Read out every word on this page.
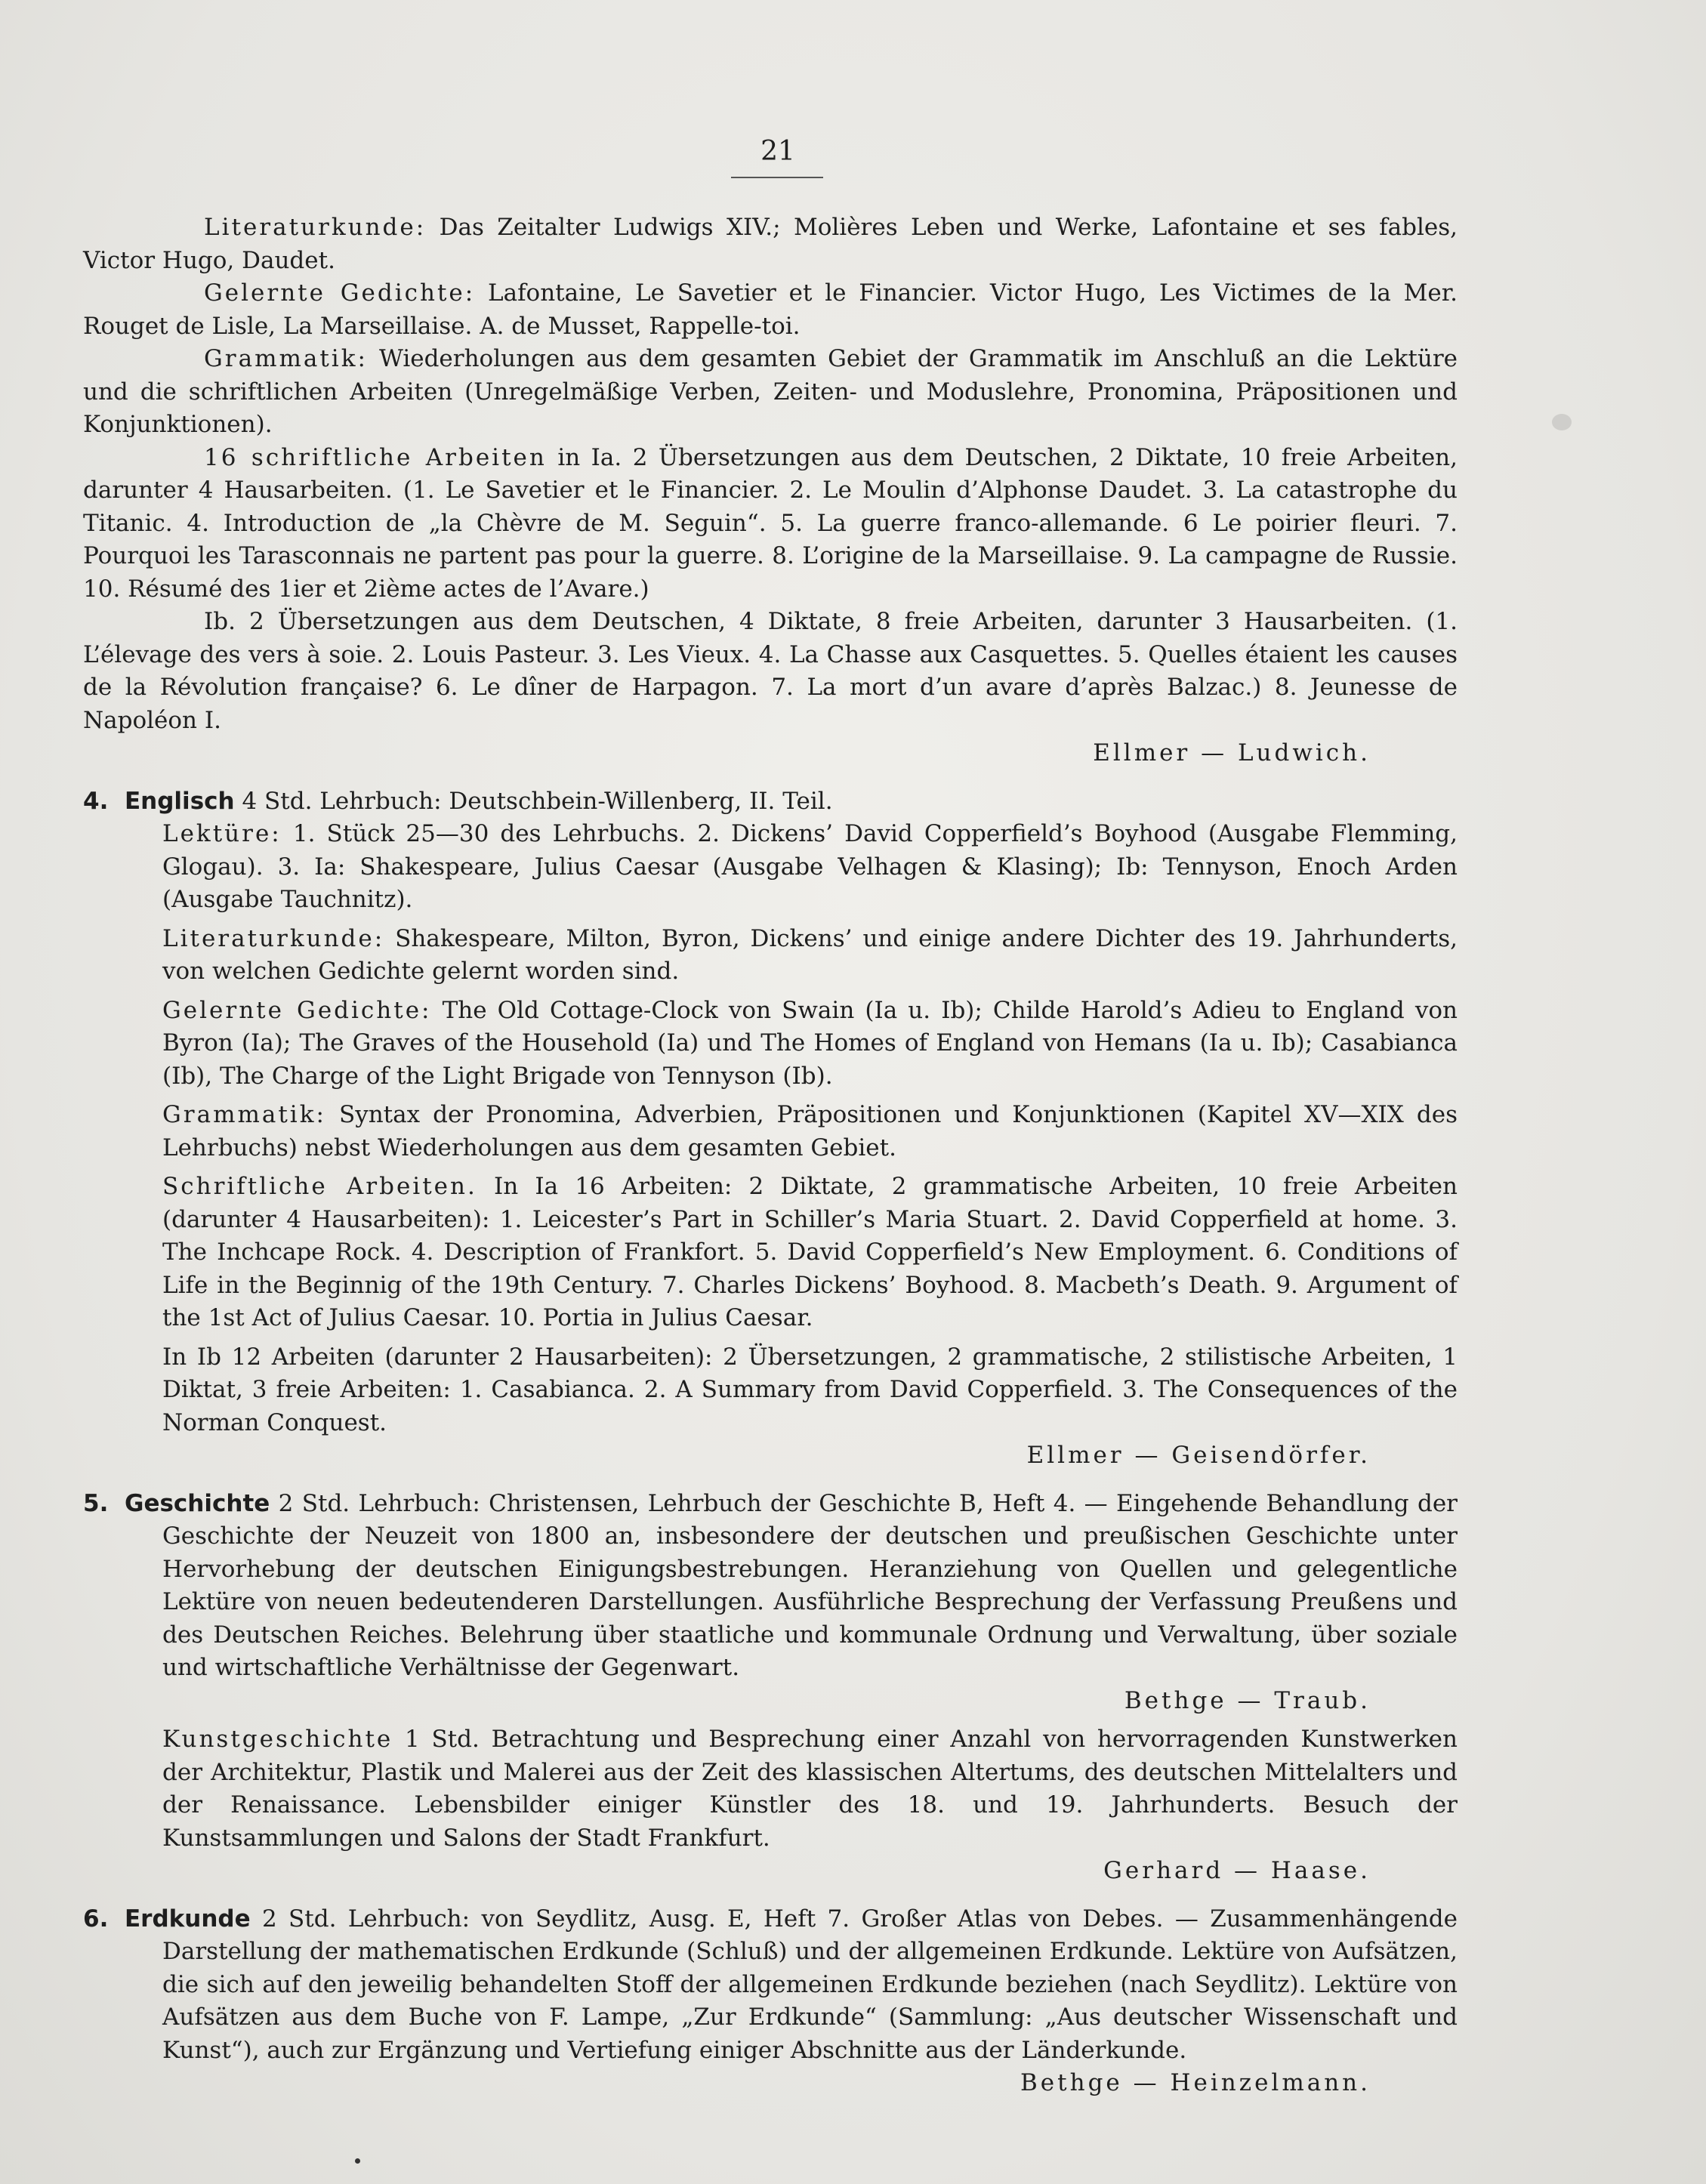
21

Literaturkunde: Das Zeitalter Ludwigs XIV.; Molières Leben und Werke, Lafontaine et ses fables, Victor Hugo, Daudet.

Gelernte Gedichte: Lafontaine, Le Savetier et le Financier. Victor Hugo, Les Victimes de la Mer. Rouget de Lisle, La Marseillaise. A. de Musset, Rappelle-toi.

Grammatik: Wiederholungen aus dem gesamten Gebiet der Grammatik im Anschluß an die Lektüre und die schriftlichen Arbeiten (Unregelmäßige Verben, Zeiten- und Moduslehre, Pronomina, Präpositionen und Konjunktionen).

16 schriftliche Arbeiten in Ia. 2 Übersetzungen aus dem Deutschen, 2 Diktate, 10 freie Arbeiten, darunter 4 Hausarbeiten. (1. Le Savetier et le Financier. 2. Le Moulin d’Alphonse Daudet. 3. La catastrophe du Titanic. 4. Introduction de „la Chèvre de M. Seguin“. 5. La guerre franco-allemande. 6 Le poirier fleuri. 7. Pourquoi les Tarasconnais ne partent pas pour la guerre. 8. L’origine de la Marseillaise. 9. La campagne de Russie. 10. Résumé des 1ier et 2ième actes de l’Avare.)

Ib. 2 Übersetzungen aus dem Deutschen, 4 Diktate, 8 freie Arbeiten, darunter 3 Hausarbeiten. (1. L’élevage des vers à soie. 2. Louis Pasteur. 3. Les Vieux. 4. La Chasse aux Casquettes. 5. Quelles étaient les causes de la Révolution française? 6. Le dîner de Harpagon. 7. La mort d’un avare d’après Balzac.) 8. Jeunesse de Napoléon I.

Ellmer — Ludwich.

4. Englisch 4 Std. Lehrbuch: Deutschbein-Willenberg, II. Teil.

Lektüre: 1. Stück 25—30 des Lehrbuchs. 2. Dickens’ David Copperfield’s Boyhood (Ausgabe Flemming, Glogau). 3. Ia: Shakespeare, Julius Caesar (Ausgabe Velhagen & Klasing); Ib: Tennyson, Enoch Arden (Ausgabe Tauchnitz).

Literaturkunde: Shakespeare, Milton, Byron, Dickens’ und einige andere Dichter des 19. Jahrhunderts, von welchen Gedichte gelernt worden sind.

Gelernte Gedichte: The Old Cottage-Clock von Swain (Ia u. Ib); Childe Harold’s Adieu to England von Byron (Ia); The Graves of the Household (Ia) und The Homes of England von Hemans (Ia u. Ib); Casabianca (Ib), The Charge of the Light Brigade von Tennyson (Ib).

Grammatik: Syntax der Pronomina, Adverbien, Präpositionen und Konjunktionen (Kapitel XV—XIX des Lehrbuchs) nebst Wiederholungen aus dem gesamten Gebiet.

Schriftliche Arbeiten. In Ia 16 Arbeiten: 2 Diktate, 2 grammatische Arbeiten, 10 freie Arbeiten (darunter 4 Hausarbeiten): 1. Leicester’s Part in Schiller’s Maria Stuart. 2. David Copperfield at home. 3. The Inchcape Rock. 4. Description of Frankfort. 5. David Copperfield’s New Employment. 6. Conditions of Life in the Beginnig of the 19th Century. 7. Charles Dickens’ Boyhood. 8. Macbeth’s Death. 9. Argument of the 1st Act of Julius Caesar. 10. Portia in Julius Caesar.

In Ib 12 Arbeiten (darunter 2 Hausarbeiten): 2 Übersetzungen, 2 grammatische, 2 stilistische Arbeiten, 1 Diktat, 3 freie Arbeiten: 1. Casabianca. 2. A Summary from David Copperfield. 3. The Consequences of the Norman Conquest.

Ellmer — Geisendörfer.

5. Geschichte 2 Std. Lehrbuch: Christensen, Lehrbuch der Geschichte B, Heft 4. — Eingehende Behandlung der Geschichte der Neuzeit von 1800 an, insbesondere der deutschen und preußischen Geschichte unter Hervorhebung der deutschen Einigungsbestrebungen. Heranziehung von Quellen und gelegentliche Lektüre von neuen bedeutenderen Darstellungen. Ausführliche Besprechung der Verfassung Preußens und des Deutschen Reiches. Belehrung über staatliche und kommunale Ordnung und Verwaltung, über soziale und wirtschaftliche Verhältnisse der Gegenwart.

Bethge — Traub.

Kunstgeschichte 1 Std. Betrachtung und Besprechung einer Anzahl von hervorragenden Kunstwerken der Architektur, Plastik und Malerei aus der Zeit des klassischen Altertums, des deutschen Mittelalters und der Renaissance. Lebensbilder einiger Künstler des 18. und 19. Jahrhunderts. Besuch der Kunstsammlungen und Salons der Stadt Frankfurt.

Gerhard — Haase.

6. Erdkunde 2 Std. Lehrbuch: von Seydlitz, Ausg. E, Heft 7. Großer Atlas von Debes. — Zusammenhängende Darstellung der mathematischen Erdkunde (Schluß) und der allgemeinen Erdkunde. Lektüre von Aufsätzen, die sich auf den jeweilig behandelten Stoff der allgemeinen Erdkunde beziehen (nach Seydlitz). Lektüre von Aufsätzen aus dem Buche von F. Lampe, „Zur Erdkunde“ (Sammlung: „Aus deutscher Wissenschaft und Kunst“), auch zur Ergänzung und Vertiefung einiger Abschnitte aus der Länderkunde.

Bethge — Heinzelmann.
